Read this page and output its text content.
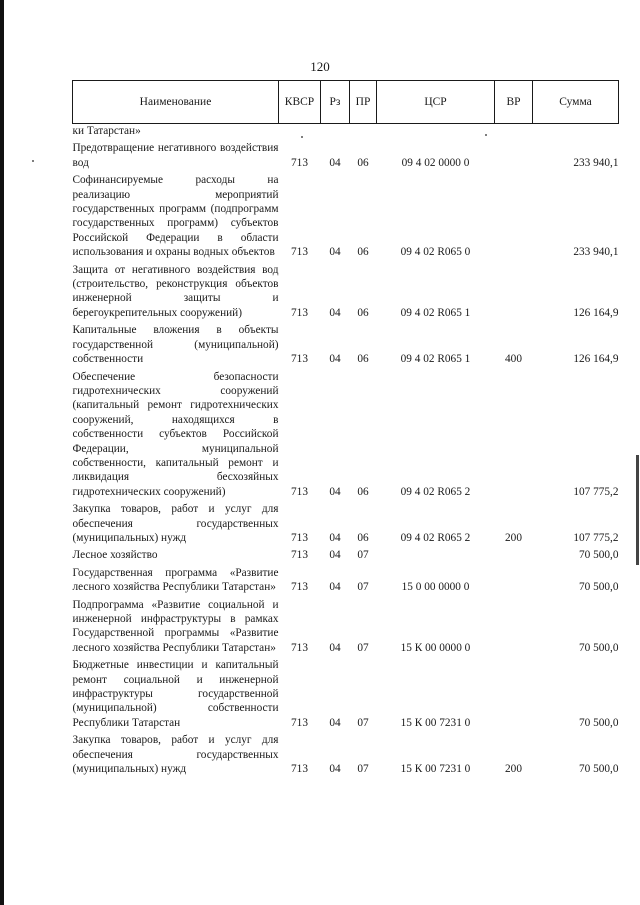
120
Наименование	КВСР	Рз	ПР	ЦСР	ВР	Сумма
ки Татарстан»						
Предотвращение негативного воздействия вод	713	04	06	09 4 02 0000 0		233 940,1
Софинансируемые расходы на реализацию мероприятий государственных программ (подпрограмм государственных программ) субъектов Российской Федерации в области использования и охраны водных объектов	713	04	06	09 4 02 R065 0		233 940,1
Защита от негативного воздействия вод (строительство, реконструкция объектов инженерной защиты и берегоукрепительных сооружений)	713	04	06	09 4 02 R065 1		126 164,9
Капитальные вложения в объекты государственной (муниципальной) собственности	713	04	06	09 4 02 R065 1	400	126 164,9
Обеспечение безопасности гидротехнических сооружений (капитальный ремонт гидротехнических сооружений, находящихся в собственности субъектов Российской Федерации, муниципальной собственности, капитальный ремонт и ликвидация бесхозяйных гидротехнических сооружений)	713	04	06	09 4 02 R065 2		107 775,2
Закупка товаров, работ и услуг для обеспечения государственных (муниципальных) нужд	713	04	06	09 4 02 R065 2	200	107 775,2
Лесное хозяйство	713	04	07			70 500,0
Государственная программа «Развитие лесного хозяйства Республики Татарстан»	713	04	07	15 0 00 0000 0		70 500,0
Подпрограмма «Развитие социальной и инженерной инфраструктуры в рамках Государственной программы «Развитие лесного хозяйства Республики Татарстан»	713	04	07	15 К 00 0000 0		70 500,0
Бюджетные инвестиции и капитальный ремонт социальной и инженерной инфраструктуры государственной (муниципальной) собственности Республики Татарстан	713	04	07	15 К 00 7231 0		70 500,0
Закупка товаров, работ и услуг для обеспечения государственных (муниципальных) нужд	713	04	07	15 К 00 7231 0	200	70 500,0
